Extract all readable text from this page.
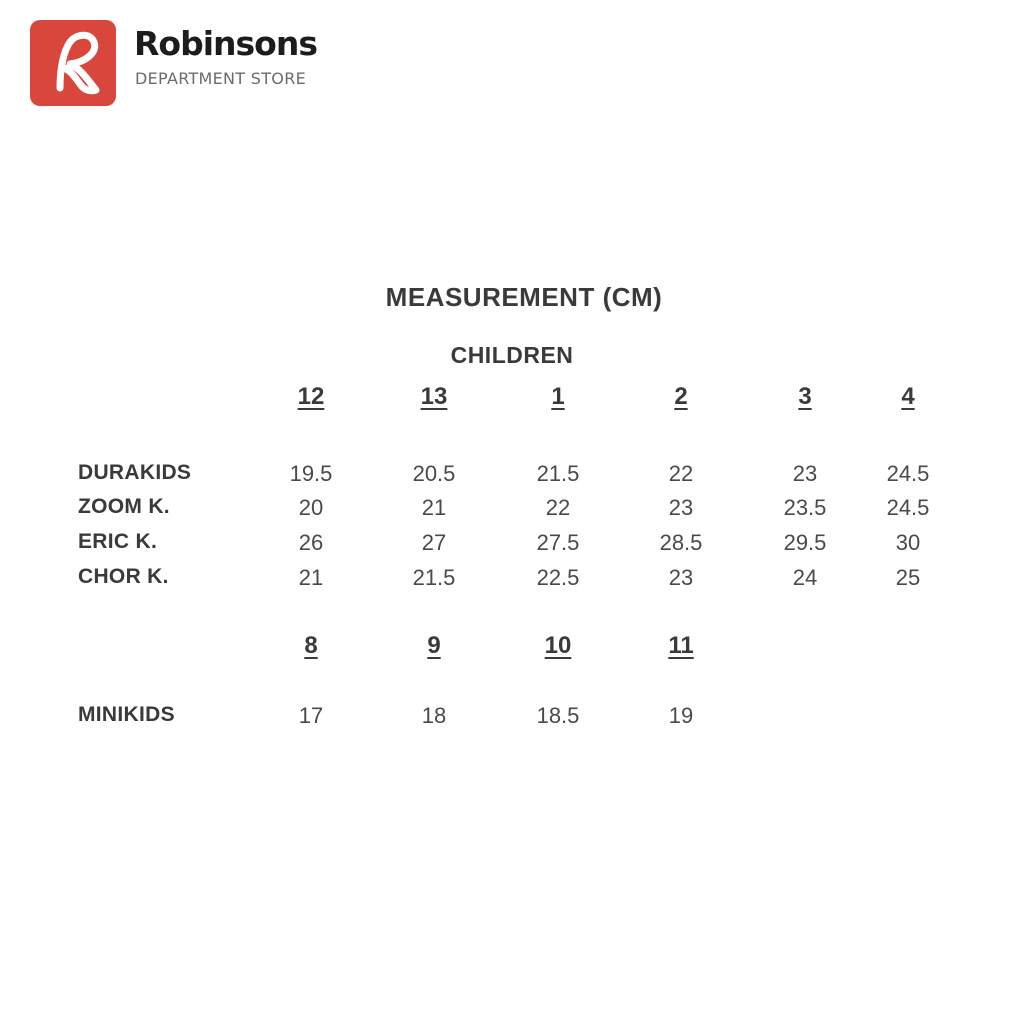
Robinsons
DEPARTMENT STORE
MEASUREMENT (CM)
CHILDREN
12	13	1	2	3	4
DURAKIDS	19.5	20.5	21.5	22	23	24.5
ZOOM K.	20	21	22	23	23.5	24.5
ERIC K.	26	27	27.5	28.5	29.5	30
CHOR K.	21	21.5	22.5	23	24	25
8	9	10	11
MINIKIDS	17	18	18.5	19
